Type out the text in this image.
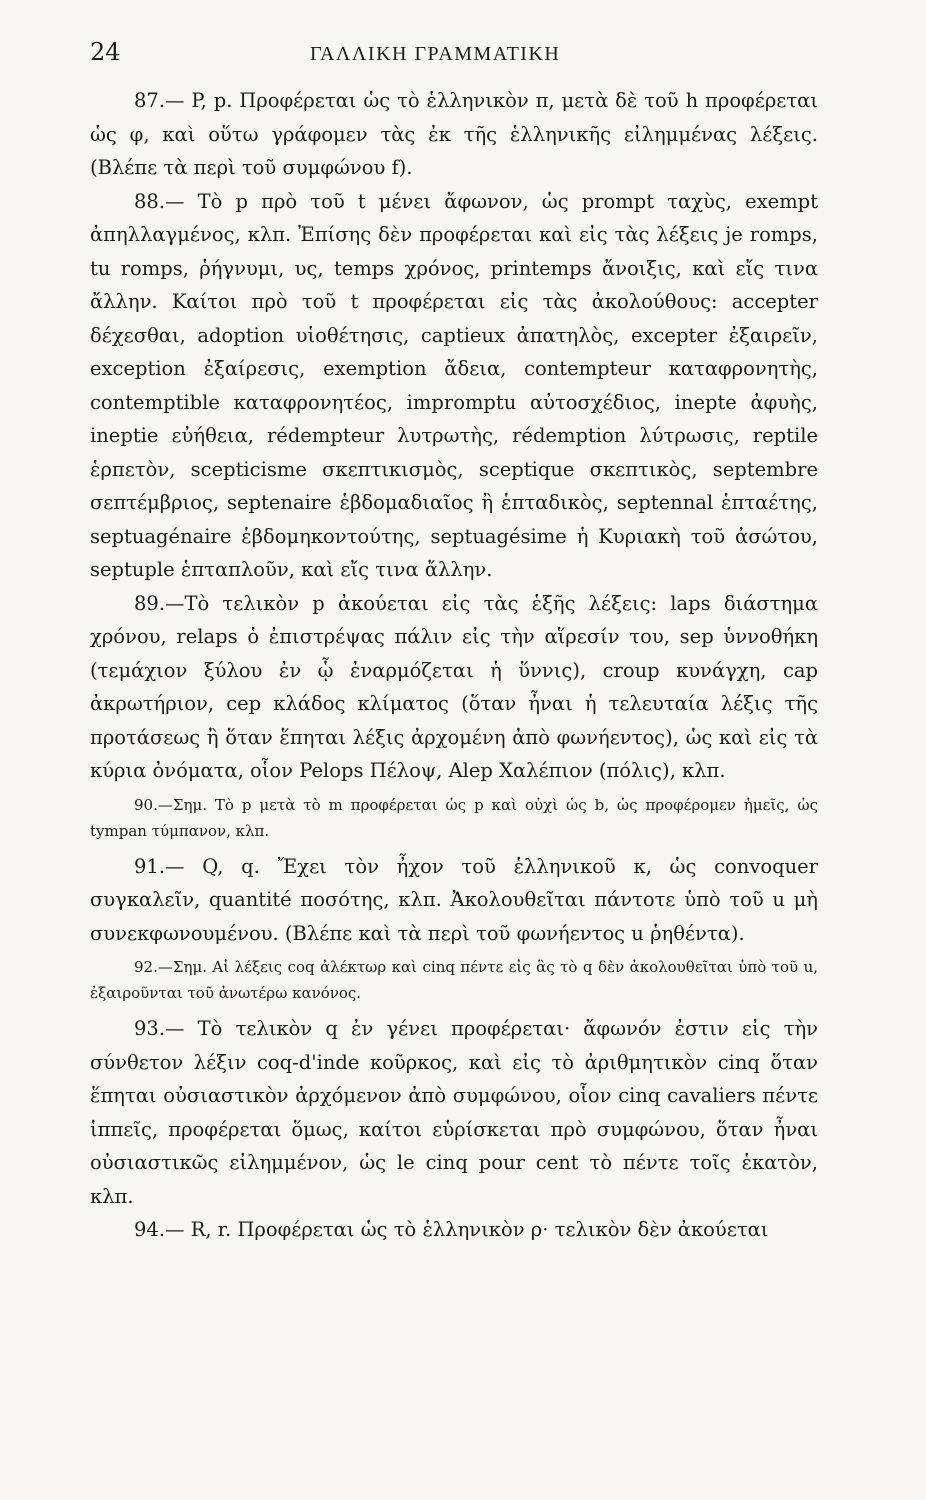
24	ΓΑΛΛΙΚΗ ΓΡΑΜΜΑΤΙΚΗ

87.— P, p. Προφέρεται ὡς τὸ ἑλληνικὸν π, μετὰ δὲ τοῦ h προφέρεται ὡς φ, καὶ οὕτω γράφομεν τὰς ἐκ τῆς ἑλληνικῆς εἰλημμένας λέξεις. (Βλέπε τὰ περὶ τοῦ συμφώνου f).

88.— Τὸ p πρὸ τοῦ t μένει ἄφωνον, ὡς prompt ταχὺς, exempt ἀπηλλαγμένος, κλπ. Ἐπίσης δὲν προφέρεται καὶ εἰς τὰς λέξεις je romps, tu romps, ῥήγνυμι, υς, temps χρόνος, printemps ἄνοιξις, καὶ εἴς τινα ἄλλην. Καίτοι πρὸ τοῦ t προφέρεται εἰς τὰς ἀκολούθους: accepter δέχεσθαι, adoption υἱοθέτησις, captieux ἀπατηλὸς, excepter ἐξαιρεῖν, exception ἐξαίρεσις, exemption ἄδεια, contempteur καταφρονητὴς, contemptible καταφρονητέος, impromptu αὐτοσχέδιος, inepte ἀφυὴς, ineptie εὐήθεια, rédempteur λυτρωτὴς, rédemption λύτρωσις, reptile ἑρπετὸν, scepticisme σκεπτικισμὸς, sceptique σκεπτικὸς, septembre σεπτέμβριος, septenaire ἑβδομαδιαῖος ἢ ἑπταδικὸς, septennal ἑπταέτης, septuagénaire ἑβδομηκοντούτης, septuagésime ἡ Κυριακὴ τοῦ ἀσώτου, septuple ἑπταπλοῦν, καὶ εἴς τινα ἄλλην.

89.—Τὸ τελικὸν p ἀκούεται εἰς τὰς ἑξῆς λέξεις: laps διάστημα χρόνου, relaps ὁ ἐπιστρέψας πάλιν εἰς τὴν αἵρεσίν του, sep ὑννοθήκη (τεμάχιον ξύλου ἐν ᾧ ἐναρμόζεται ἡ ὕννις), croup κυνάγχη, cap ἀκρωτήριον, cep κλάδος κλίματος (ὅταν ἦναι ἡ τελευταία λέξις τῆς προτάσεως ἢ ὅταν ἕπηται λέξις ἀρχομένη ἀπὸ φωνήεντος), ὡς καὶ εἰς τὰ κύρια ὀνόματα, οἷον Pelops Πέλοψ, Alep Χαλέπιον (πόλις), κλπ.

90.—Σημ. Τὸ p μετὰ τὸ m προφέρεται ὡς p καὶ οὐχὶ ὡς b, ὡς προφέρομεν ἡμεῖς, ὡς tympan τύμπανον, κλπ.

91.— Q, q. Ἔχει τὸν ἦχον τοῦ ἑλληνικοῦ κ, ὡς convoquer συγκαλεῖν, quantité ποσότης, κλπ. Ἀκολουθεῖται πάντοτε ὑπὸ τοῦ u μὴ συνεκφωνουμένου. (Βλέπε καὶ τὰ περὶ τοῦ φωνήεντος u ῥηθέντα).

92.—Σημ. Αἱ λέξεις coq ἀλέκτωρ καὶ cinq πέντε εἰς ἃς τὸ q δὲν ἀκολουθεῖται ὑπὸ τοῦ u, ἐξαιροῦνται τοῦ ἀνωτέρω κανόνος.

93.— Τὸ τελικὸν q ἐν γένει προφέρεται· ἄφωνόν ἐστιν εἰς τὴν σύνθετον λέξιν coq-d'inde κοῦρκος, καὶ εἰς τὸ ἀριθμητικὸν cinq ὅταν ἕπηται οὐσιαστικὸν ἀρχόμενον ἀπὸ συμφώνου, οἷον cinq cavaliers πέντε ἱππεῖς, προφέρεται ὅμως, καίτοι εὑρίσκεται πρὸ συμφώνου, ὅταν ἦναι οὐσιαστικῶς εἰλημμένον, ὡς le cinq pour cent τὸ πέντε τοῖς ἑκατὸν, κλπ.

94.— R, r. Προφέρεται ὡς τὸ ἑλληνικὸν ρ· τελικὸν δὲν ἀκούεται
